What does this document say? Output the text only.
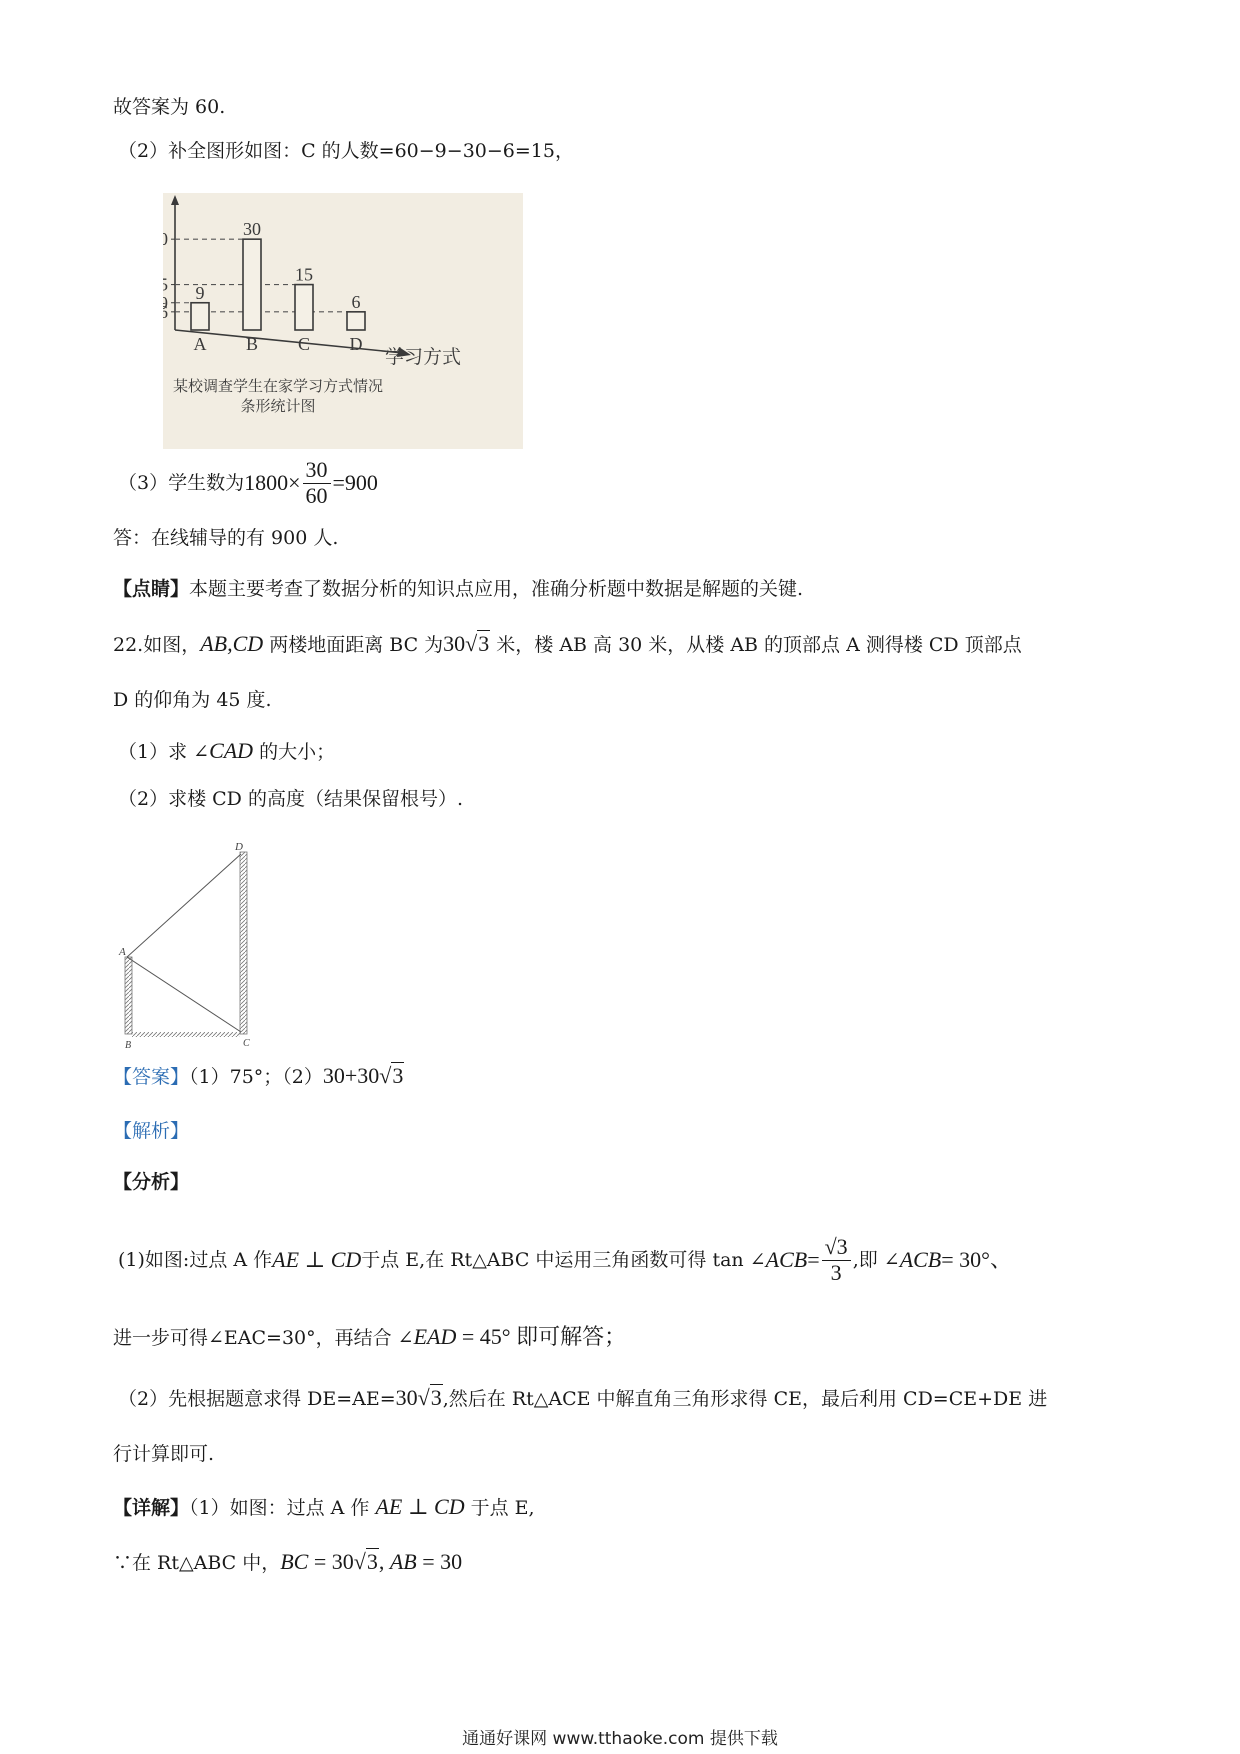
故答案为 60.
（2）补全图形如图：C 的人数=60−9−30−6=15，
学习方式
0
5
9
6
9
A
30
B
15
C
6
D
某校调查学生在家学习方式情况
条形统计图
（3）学生数为 $1800\times \frac{30}{60} =900$
答：在线辅导的有 900 人.
【点睛】本题主要考查了数据分析的知识点应用，准确分析题中数据是解题的关键.
22.如图，AB,CD 两楼地面距离 BC 为30√3 米，楼 AB 高 30 米，从楼 AB 的顶部点 A 测得楼 CD 顶部点
D 的仰角为 45 度.
（1）求 ∠CAD 的大小；
（2）求楼 CD 的高度（结果保留根号）.
D
A
B	C
【答案】（1）75°；（2）30+30√3
【解析】
【分析】
(1)如图:过点 A 作 AE ⊥ CD 于点 E,在 Rt△ABC 中运用三角函数可得 tan ∠ ACB = $\frac{√3}{3}$ ,即 ∠ ACB = 30°、
进一步可得∠EAC=30°，再结合 ∠EAD = 45° 即可解答；
（2）先根据题意求得 DE=AE=30√3,然后在 Rt△ACE 中解直角三角形求得 CE，最后利用 CD=CE+DE 进
行计算即可.
【详解】（1）如图：过点 A 作 AE ⊥ CD 于点 E,
∵在 Rt△ABC 中，BC = 30√3, AB = 30
通通好课网 www.tthaoke.com 提供下载
